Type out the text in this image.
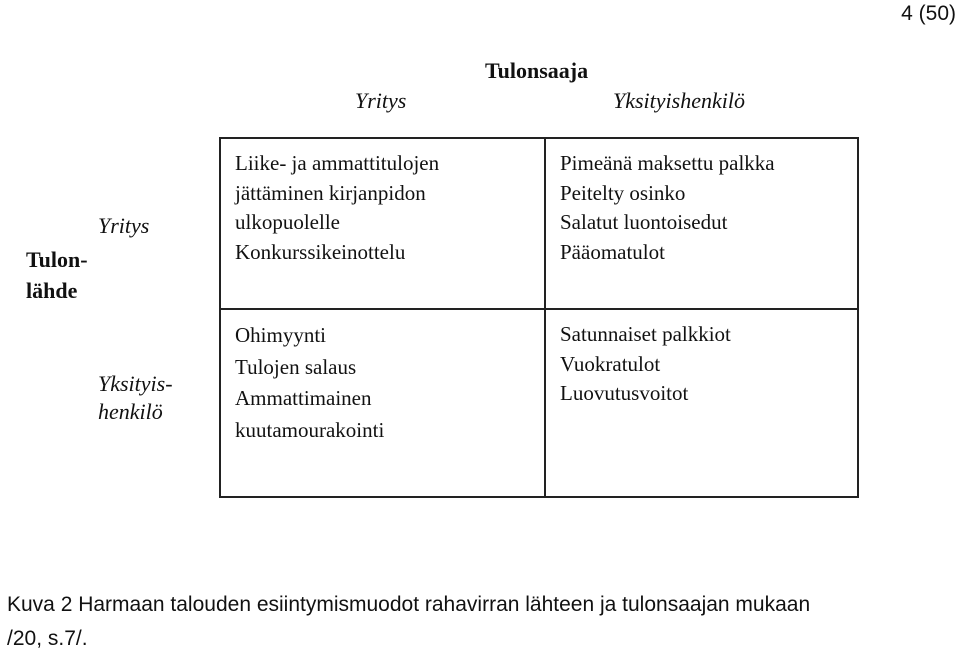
4 (50)
Tulonsaaja
Yritys	Yksityishenkilö
Tulon-
lähde
Yritys
Yksityis-
henkilö
Liike- ja ammattitulojen
jättäminen kirjanpidon
ulkopuolelle
Konkurssikeinottelu
Pimeänä maksettu palkka
Peitelty osinko
Salatut luontoisedut
Pääomatulot
Ohimyynti
Tulojen salaus
Ammattimainen
kuutamourakointi
Satunnaiset palkkiot
Vuokratulot
Luovutusvoitot
Kuva 2 Harmaan talouden esiintymismuodot rahavirran lähteen ja tulonsaajan mukaan
/20, s.7/.
